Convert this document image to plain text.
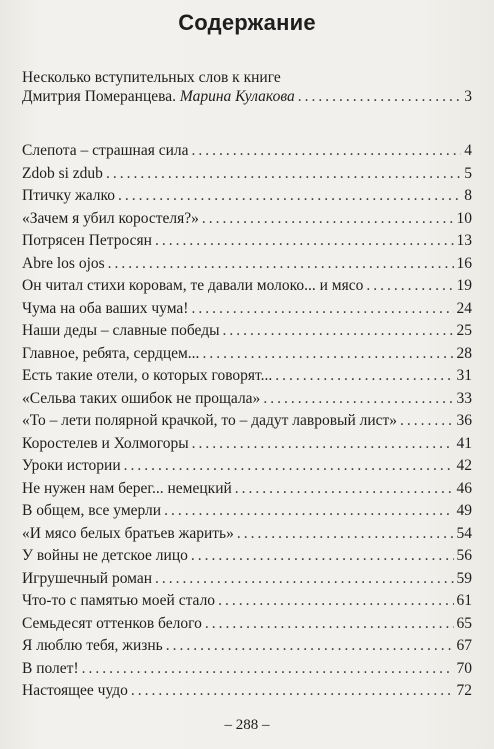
Содержание
Несколько вступительных слов к книге
Дмитрия Померанцева. Марина Кулакова .....	3
Слепота – страшная сила .....	4
Zdob si zdub .....	5
Птичку жалко .....	8
«Зачем я убил коростеля?» .....	10
Потрясен Петросян .....	13
Abre los ojos .....	16
Он читал стихи коровам, те давали молоко... и мясо .....	19
Чума на оба ваших чума! .....	24
Наши деды – славные победы .....	25
Главное, ребята, сердцем... .....	28
Есть такие отели, о которых говорят... .....	31
«Сельва таких ошибок не прощала» .....	33
«То – лети полярной крачкой, то – дадут лавровый лист» .....	36
Коростелев и Холмогоры .....	41
Уроки истории .....	42
Не нужен нам берег... немецкий .....	46
В общем, все умерли .....	49
«И мясо белых братьев жарить» .....	54
У войны не детское лицо .....	56
Игрушечный роман .....	59
Что-то с памятью моей стало .....	61
Семьдесят оттенков белого .....	65
Я люблю тебя, жизнь .....	67
В полет! .....	70
Настоящее чудо .....	72
– 288 –
